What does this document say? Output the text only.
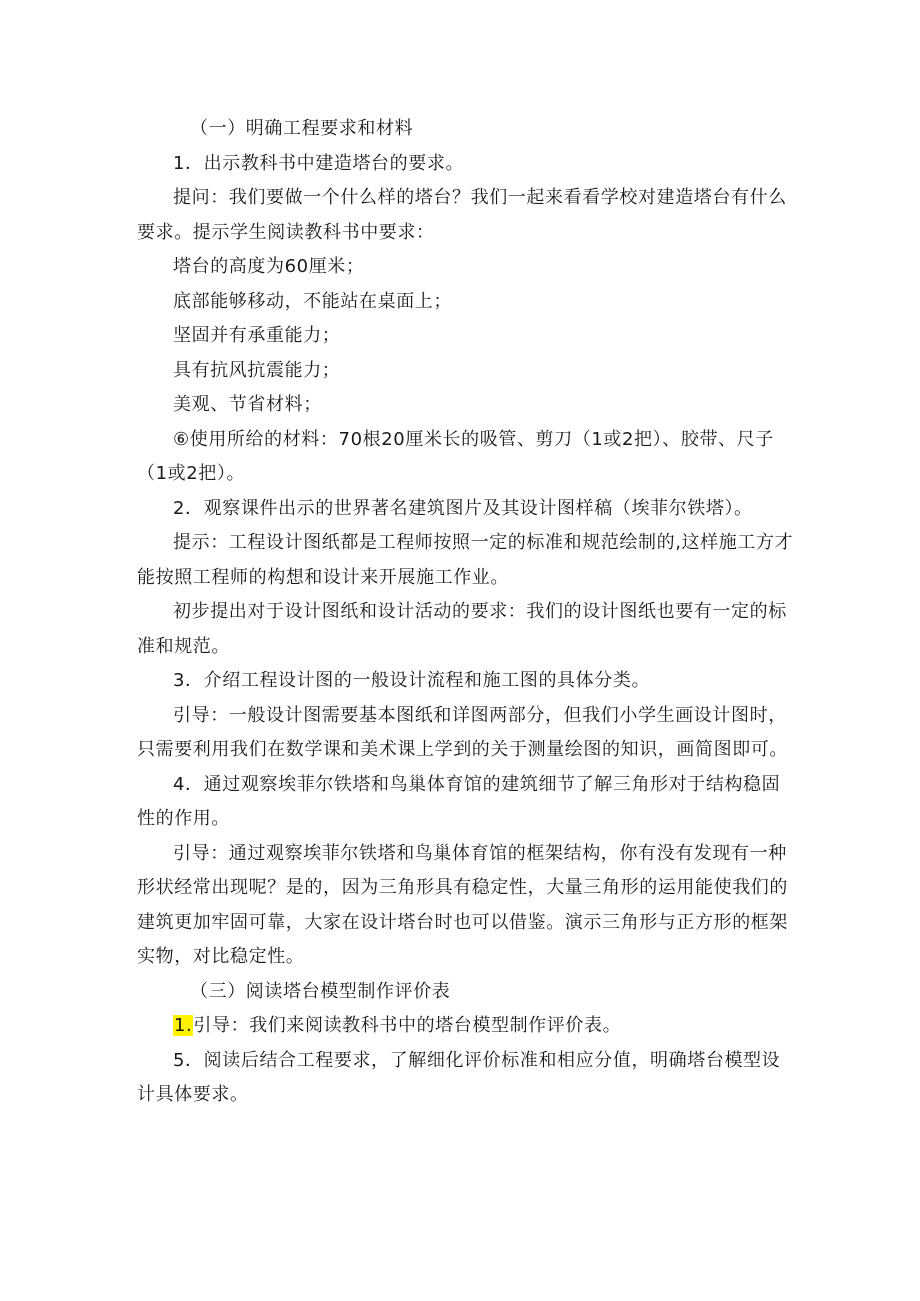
（一）明确工程要求和材料

1．出示教科书中建造塔台的要求。

提问：我们要做一个什么样的塔台？我们一起来看看学校对建造塔台有什么要求。提示学生阅读教科书中要求：

塔台的高度为60厘米；

底部能够移动，不能站在桌面上；

坚固并有承重能力；

具有抗风抗震能力；

美观、节省材料；

⑥使用所给的材料：70根20厘米长的吸管、剪刀（1或2把）、胶带、尺子（1或2把）。

2．观察课件出示的世界著名建筑图片及其设计图样稿（埃菲尔铁塔）。

提示：工程设计图纸都是工程师按照一定的标准和规范绘制的,这样施工方才能按照工程师的构想和设计来开展施工作业。

初步提出对于设计图纸和设计活动的要求：我们的设计图纸也要有一定的标准和规范。

3．介绍工程设计图的一般设计流程和施工图的具体分类。

引导：一般设计图需要基本图纸和详图两部分，但我们小学生画设计图时，只需要利用我们在数学课和美术课上学到的关于测量绘图的知识，画简图即可。

4．通过观察埃菲尔铁塔和鸟巢体育馆的建筑细节了解三角形对于结构稳固性的作用。

引导：通过观察埃菲尔铁塔和鸟巢体育馆的框架结构，你有没有发现有一种形状经常出现呢？是的，因为三角形具有稳定性，大量三角形的运用能使我们的建筑更加牢固可靠，大家在设计塔台时也可以借鉴。演示三角形与正方形的框架实物，对比稳定性。

（三）阅读塔台模型制作评价表

1.引导：我们来阅读教科书中的塔台模型制作评价表。

5．阅读后结合工程要求，了解细化评价标准和相应分值，明确塔台模型设计具体要求。
